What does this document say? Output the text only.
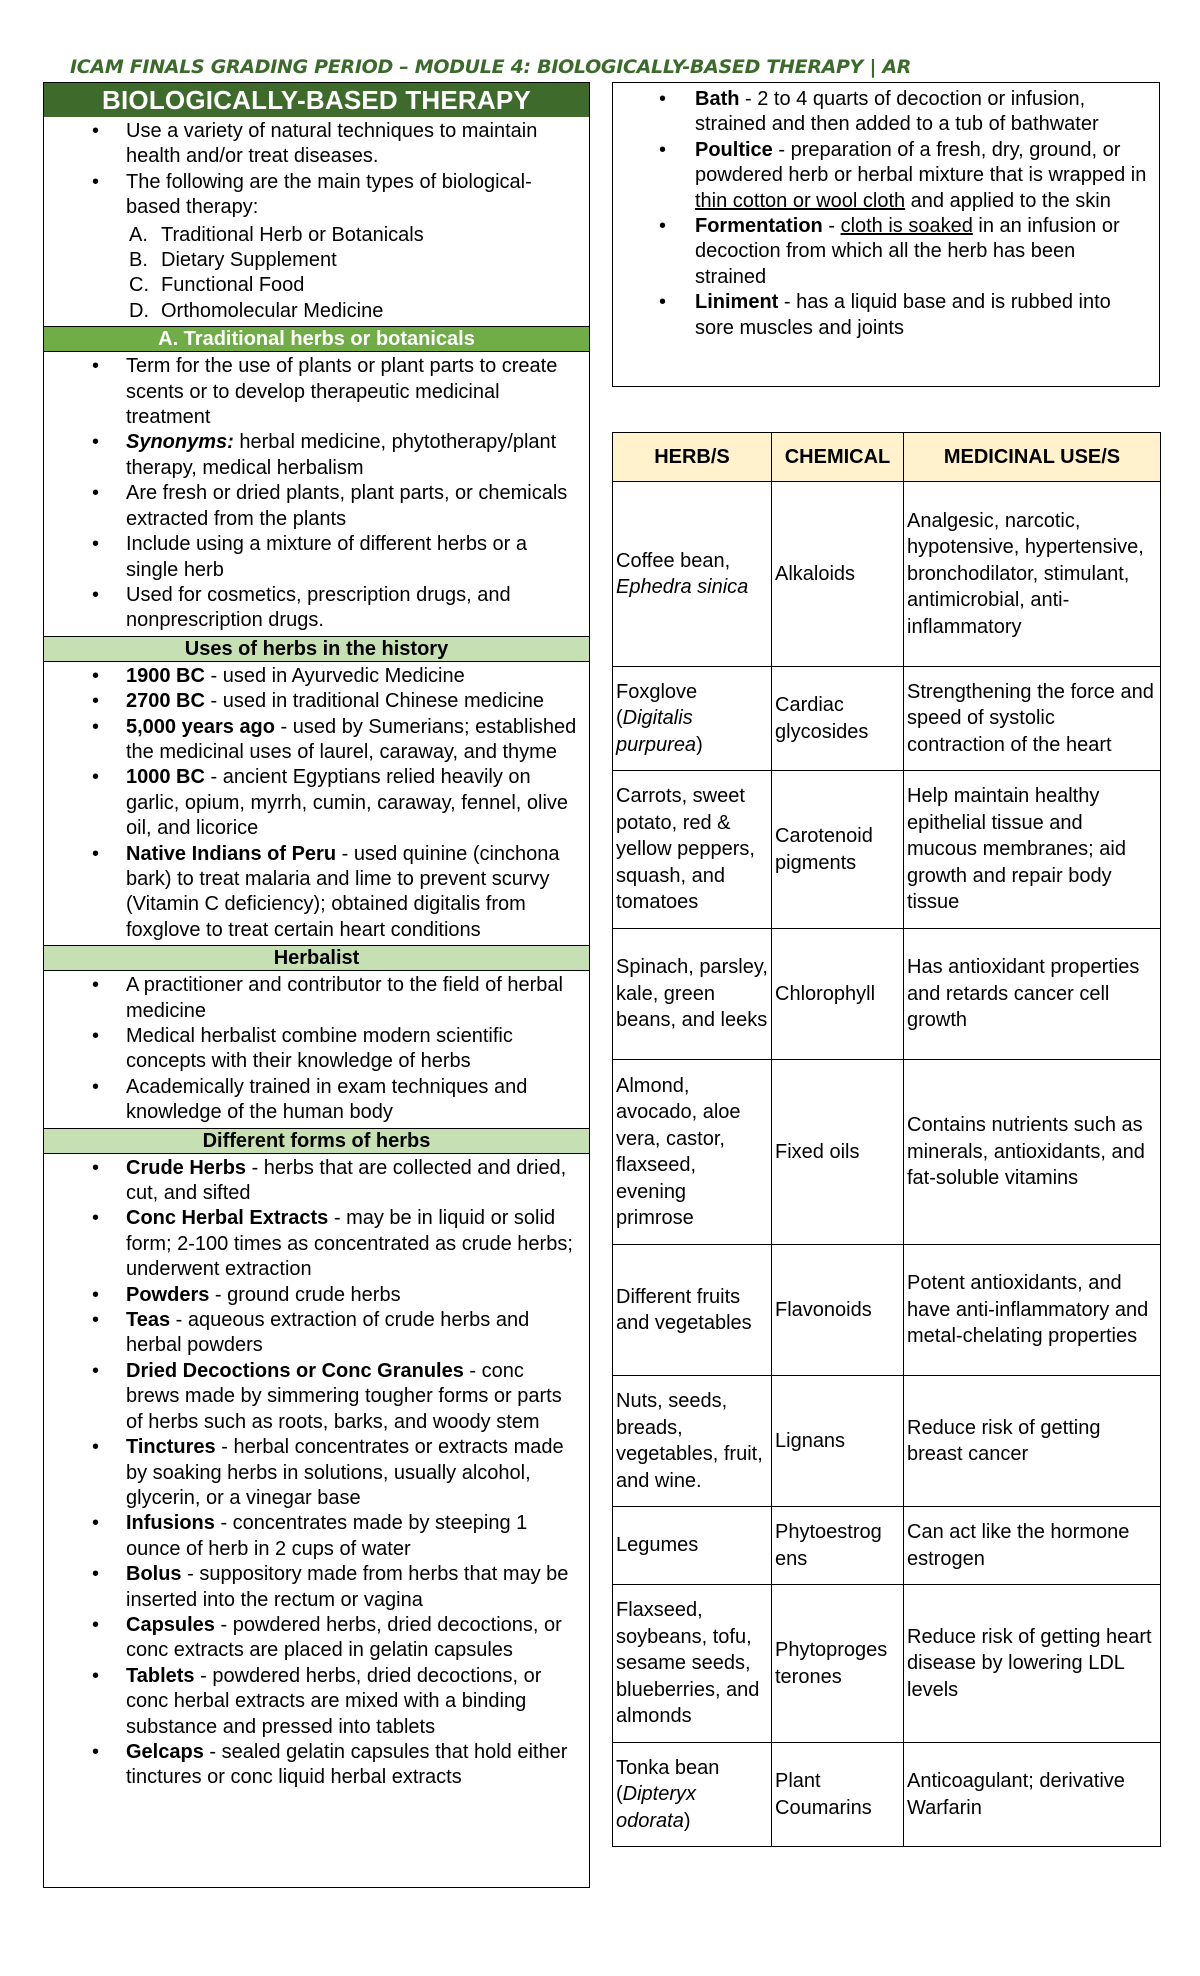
ICAM FINALS GRADING PERIOD – MODULE 4: BIOLOGICALLY-BASED THERAPY | AR
BIOLOGICALLY-BASED THERAPY
• Use a variety of natural techniques to maintain health and/or treat diseases.
• The following are the main types of biological-based therapy:
A. Traditional Herb or Botanicals
B. Dietary Supplement
C. Functional Food
D. Orthomolecular Medicine
A. Traditional herbs or botanicals
• Term for the use of plants or plant parts to create scents or to develop therapeutic medicinal treatment
• Synonyms: herbal medicine, phytotherapy/plant therapy, medical herbalism
• Are fresh or dried plants, plant parts, or chemicals extracted from the plants
• Include using a mixture of different herbs or a single herb
• Used for cosmetics, prescription drugs, and nonprescription drugs.
Uses of herbs in the history
• 1900 BC - used in Ayurvedic Medicine
• 2700 BC - used in traditional Chinese medicine
• 5,000 years ago - used by Sumerians; established the medicinal uses of laurel, caraway, and thyme
• 1000 BC - ancient Egyptians relied heavily on garlic, opium, myrrh, cumin, caraway, fennel, olive oil, and licorice
• Native Indians of Peru - used quinine (cinchona bark) to treat malaria and lime to prevent scurvy (Vitamin C deficiency); obtained digitalis from foxglove to treat certain heart conditions
Herbalist
• A practitioner and contributor to the field of herbal medicine
• Medical herbalist combine modern scientific concepts with their knowledge of herbs
• Academically trained in exam techniques and knowledge of the human body
Different forms of herbs
• Crude Herbs - herbs that are collected and dried, cut, and sifted
• Conc Herbal Extracts - may be in liquid or solid form; 2-100 times as concentrated as crude herbs; underwent extraction
• Powders - ground crude herbs
• Teas - aqueous extraction of crude herbs and herbal powders
• Dried Decoctions or Conc Granules - conc brews made by simmering tougher forms or parts of herbs such as roots, barks, and woody stem
• Tinctures - herbal concentrates or extracts made by soaking herbs in solutions, usually alcohol, glycerin, or a vinegar base
• Infusions - concentrates made by steeping 1 ounce of herb in 2 cups of water
• Bolus - suppository made from herbs that may be inserted into the rectum or vagina
• Capsules - powdered herbs, dried decoctions, or conc extracts are placed in gelatin capsules
• Tablets - powdered herbs, dried decoctions, or conc herbal extracts are mixed with a binding substance and pressed into tablets
• Gelcaps - sealed gelatin capsules that hold either tinctures or conc liquid herbal extracts
• Bath - 2 to 4 quarts of decoction or infusion, strained and then added to a tub of bathwater
• Poultice - preparation of a fresh, dry, ground, or powdered herb or herbal mixture that is wrapped in thin cotton or wool cloth and applied to the skin
• Formentation - cloth is soaked in an infusion or decoction from which all the herb has been strained
• Liniment - has a liquid base and is rubbed into sore muscles and joints
HERB/S	CHEMICAL	MEDICINAL USE/S
Coffee bean, Ephedra sinica	Alkaloids	Analgesic, narcotic, hypotensive, hypertensive, bronchodilator, stimulant, antimicrobial, anti-inflammatory
Foxglove (Digitalis purpurea)	Cardiac glycosides	Strengthening the force and speed of systolic contraction of the heart
Carrots, sweet potato, red & yellow peppers, squash, and tomatoes	Carotenoid pigments	Help maintain healthy epithelial tissue and mucous membranes; aid growth and repair body tissue
Spinach, parsley, kale, green beans, and leeks	Chlorophyll	Has antioxidant properties and retards cancer cell growth
Almond, avocado, aloe vera, castor, flaxseed, evening primrose	Fixed oils	Contains nutrients such as minerals, antioxidants, and fat-soluble vitamins
Different fruits and vegetables	Flavonoids	Potent antioxidants, and have anti-inflammatory and metal-chelating properties
Nuts, seeds, breads, vegetables, fruit, and wine.	Lignans	Reduce risk of getting breast cancer
Legumes	Phytoestrog ens	Can act like the hormone estrogen
Flaxseed, soybeans, tofu, sesame seeds, blueberries, and almonds	Phytoproges terones	Reduce risk of getting heart disease by lowering LDL levels
Tonka bean (Dipteryx odorata)	Plant Coumarins	Anticoagulant; derivative Warfarin
